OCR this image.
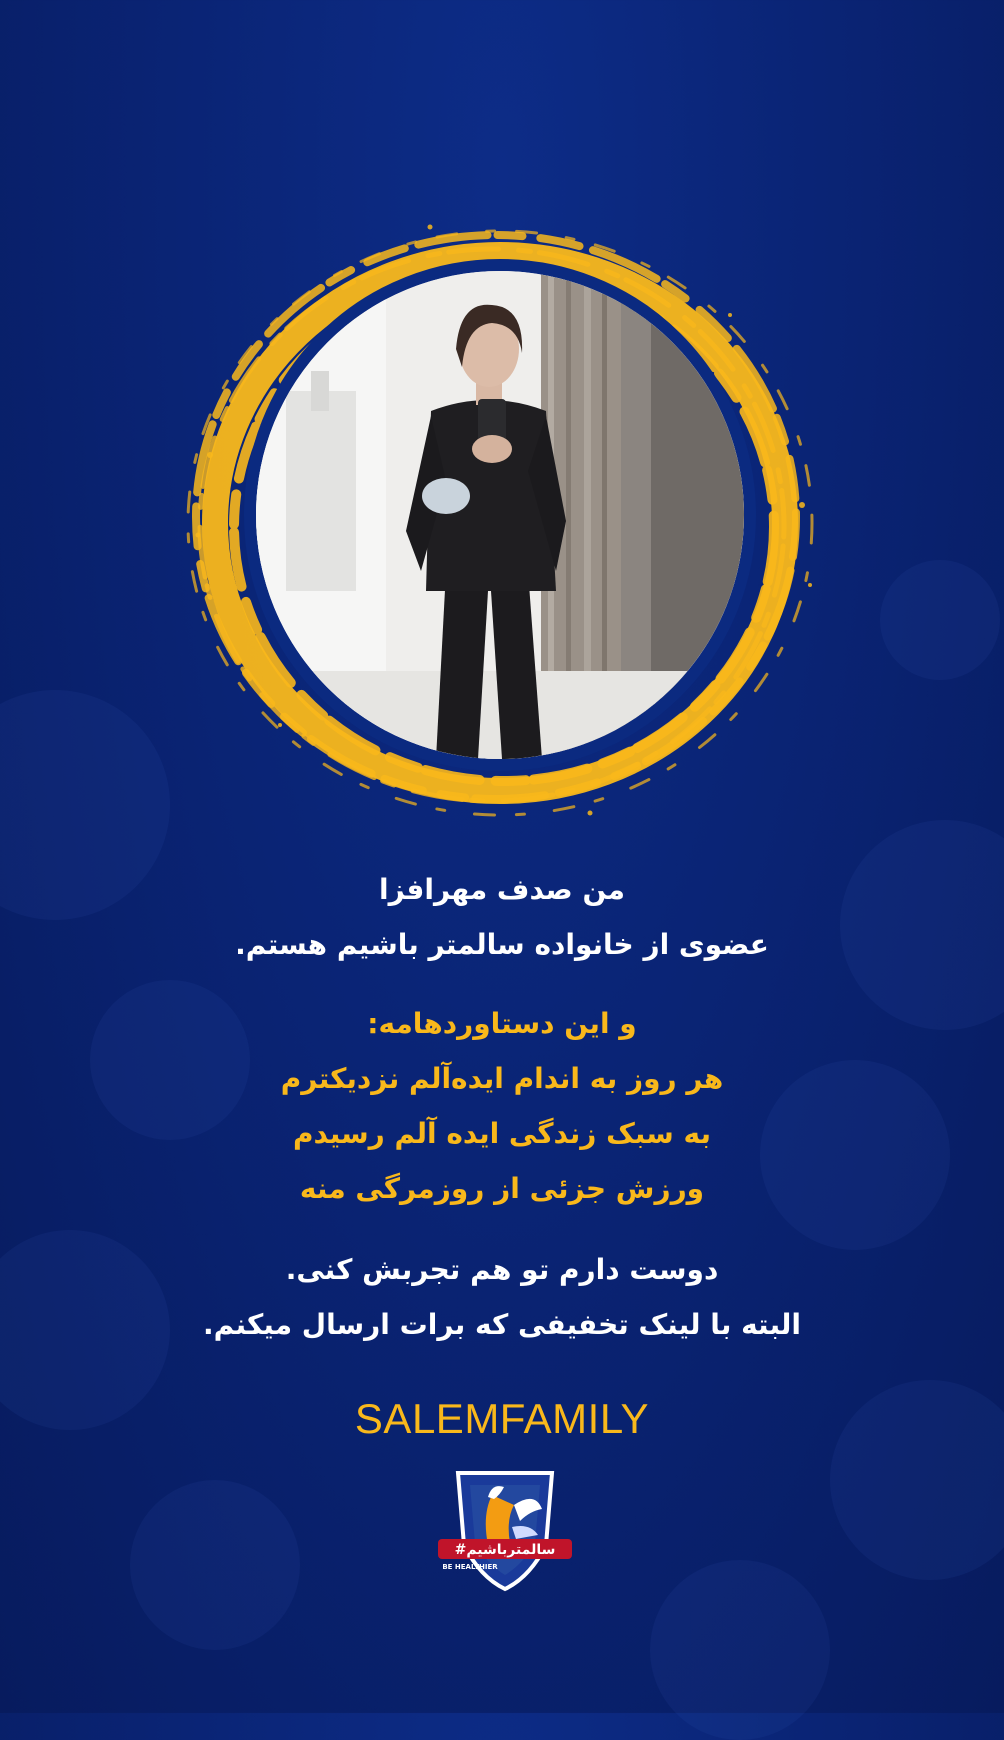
من صدف مهرافزا
عضوی از خانواده سالمتر باشیم هستم.
و این دستاوردهامه:
هر روز به اندام ایده‌آلم نزدیکترم
به سبک زندگی ایده آلم رسیدم
ورزش جزئی از روزمرگی منه
دوست دارم تو هم تجربش کنی.
البته با لینک تخفیفی که برات ارسال میکنم.
SALEMFAMILY
#سالمترباشیم
BE HEALTHIER
